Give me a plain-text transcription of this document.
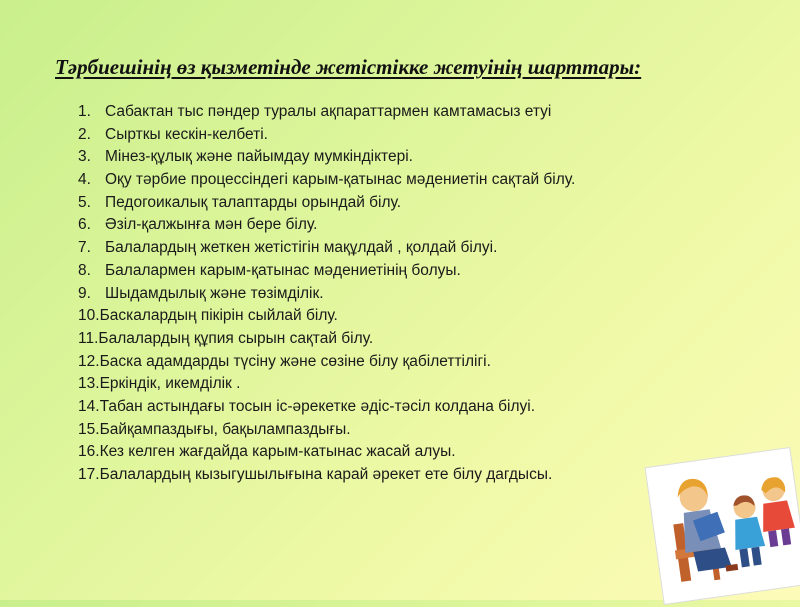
Тәрбиешінің өз қызметінде жетістікке жетуінің шарттары:
1. Сабактан тыс пәндер туралы ақпараттармен камтамасыз етуі
2. Сырткы кескін-келбеті.
3. Мінез-құлық және пайымдау мумкіндіктері.
4. Оқу тәрбие процессіндегі карым-қатынас мәдениетін сақтай білу.
5. Педогоикалық талаптарды орындай білу.
6. Әзіл-қалжынға мән бере білу.
7. Балалардың жеткен жетістігін мақұлдай , қолдай білуі.
8. Балалармен карым-қатынас мәдениетінің болуы.
9. Шыдамдылық және төзімділік.
10. Баскалардың пікірін сыйлай білу.
11. Балалардың құпия сырын сақтай білу.
12. Баска адамдарды түсіну және сөзіне білу қабілеттілігі.
13. Еркіндік, икемділік .
14. Табан астындағы тосын іс-әрекетке әдіс-тәсіл колдана білуі.
15. Байқампаздығы, бақылампаздығы.
16. Кез келген жағдайда карым-катынас жасай алуы.
17. Балалардың кызыгушылығына карай әрекет ете білу дагдысы.
